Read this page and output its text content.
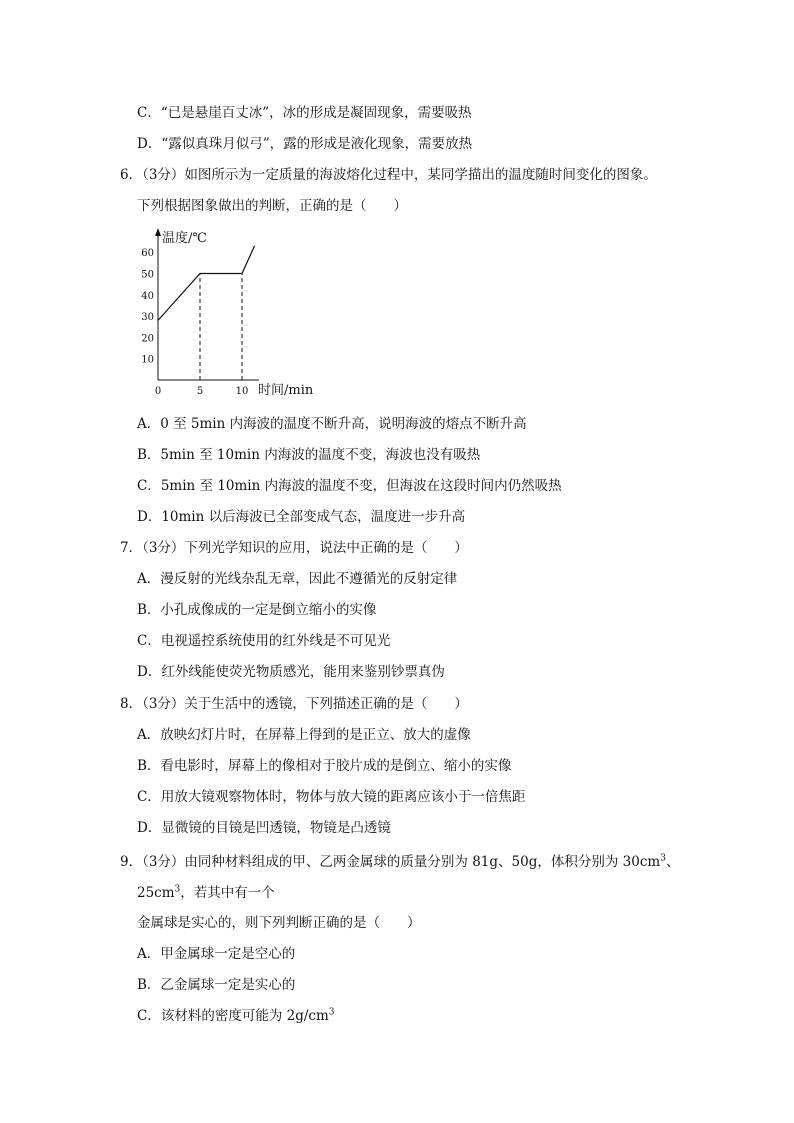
C．“已是悬崖百丈冰”，冰的形成是凝固现象，需要吸热
D．“露似真珠月似弓”，露的形成是液化现象，需要放热
6．（3分）如图所示为一定质量的海波熔化过程中，某同学描出的温度随时间变化的图象。
下列根据图象做出的判断，正确的是（　　）
温度/℃
时间/min
10
20
30
40
50
60
0	5	10
A．0 至 5min 内海波的温度不断升高，说明海波的熔点不断升高
B．5min 至 10min 内海波的温度不变，海波也没有吸热
C．5min 至 10min 内海波的温度不变，但海波在这段时间内仍然吸热
D．10min 以后海波已全部变成气态，温度进一步升高
7．（3分）下列光学知识的应用，说法中正确的是（　　）
A．漫反射的光线杂乱无章，因此不遵循光的反射定律
B．小孔成像成的一定是倒立缩小的实像
C．电视遥控系统使用的红外线是不可见光
D．红外线能使荧光物质感光，能用来鉴别钞票真伪
8．（3分）关于生活中的透镜，下列描述正确的是（　　）
A．放映幻灯片时，在屏幕上得到的是正立、放大的虚像
B．看电影时，屏幕上的像相对于胶片成的是倒立、缩小的实像
C．用放大镜观察物体时，物体与放大镜的距离应该小于一倍焦距
D．显微镜的目镜是凹透镜，物镜是凸透镜
9．（3分）由同种材料组成的甲、乙两金属球的质量分别为 81g、50g，体积分别为 $30cm^3$、
$25cm^3$，若其中有一个
金属球是实心的，则下列判断正确的是（　　）
A．甲金属球一定是空心的
B．乙金属球一定是实心的
C．该材料的密度可能为 $2g/cm^3$
